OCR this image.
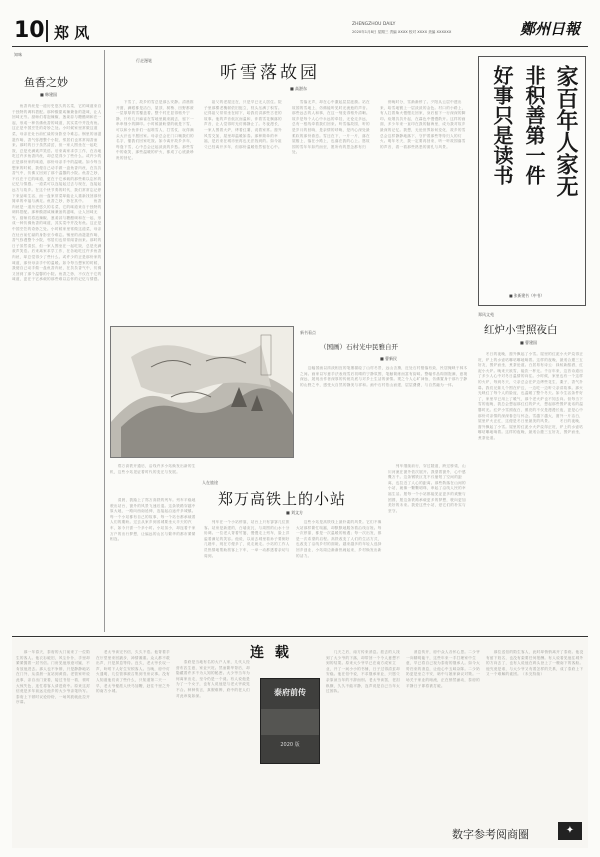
10 郑 风	ZHENGZHOU DAILY
2020年1月8日 星期三 责编 XXXX 校对 XXXX 美编 XXXXXX	鄭州日報
知味
鱼香之妙
■ 韩建国
　　鱼香肉丝是一道历史悠久的名菜，它的味道来自于独特的调料搭配。那种酸甜咸辣兼备的滋味，让人回味无穷。厨师们将泡辣椒、葱姜蒜与糖醋调和在一起，形成一种仿佛鱼香的味道，其实菜中并没有鱼。这正是中国烹饪的奇妙之处。小时候家里常做这道菜，母亲在灶台前忙碌的身影至今难忘。锅里的油滋滋作响，香气弥漫整个小院，邻居们也常常闻香而来。那时的日子虽然清贫，但一家人围坐在一起吃饭，总是充满欢声笑语。后来离家求学工作，在各地吃过许多鱼香肉丝，却总觉得少了些什么。或许少的正是那份家的味道，那份母亲手中的温暖。如今每当想家的时候，我便自己动手做一盘鱼香肉丝，在袅袅香气中，仿佛又回到了那个温馨的小院。鱼香之妙，不仅在于它的味道，更在于它承载的那些难以忘怀的记忆与情感。一道菜可以连接起过去与现在，连接起远方与故乡。在这个快节奏的时代，我们常常忘记停下来品味生活，而一盘家常菜却能让人重新找回那份简单的幸福与满足。鱼香之妙，妙在其中。　　鱼香肉丝是一道历史悠久的名菜，它的味道来自于独特的调料搭配。那种酸甜咸辣兼备的滋味，让人回味无穷。厨师们将泡辣椒、葱姜蒜与糖醋调和在一起，形成一种仿佛鱼香的味道，其实菜中并没有鱼。这正是中国烹饪的奇妙之处。小时候家里常做这道菜，母亲在灶台前忙碌的身影至今难忘。锅里的油滋滋作响，香气弥漫整个小院，邻居们也常常闻香而来。那时的日子虽然清贫，但一家人围坐在一起吃饭，总是充满欢声笑语。后来离家求学工作，在各地吃过许多鱼香肉丝，却总觉得少了些什么。或许少的正是那份家的味道，那份母亲手中的温暖。如今每当想家的时候，我便自己动手做一盘鱼香肉丝，在袅袅香气中，仿佛又回到了那个温馨的小院。鱼香之妙，不仅在于它的味道，更在于它承载的那些难以忘怀的记忆与情感。
行走漫笔
听雪落故园
■ 高湛东
　　下雪了，故乡的雪总是那么安静。清晨推开窗，满眼都是洁白，屋顶、树梢、田野都被一层厚厚的雪覆盖着。整个村庄显得格外宁静，只有几只麻雀在雪地里跳来跳去，留下一串串细小的脚印。小时候最盼望的就是下雪，可以和小伙伴们一起堆雪人、打雪仗，玩得满头大汗也不愿回家。母亲总会在门口喊我们的名字，催我们回家吃饭。如今离开故乡多年，每逢下雪，心中总会泛起淡淡的乡愁。那些雪中的欢笑，那些温暖的炉火，都成了心底最珍贵的回忆。
　　祖父的老屋还在，只是早已无人居住。院子里那棵老槐树依旧挺立，枝头压满了积雪。记得祖父常常坐在树下，给我们讲那些古老的故事。他的声音低沉而温和，伴着雪花飘落的声音，让人觉得时光仿佛静止了。冬夜漫长，一家人围着火炉，烤着红薯，说着家常。窗外风雪交加，屋里却温暖如春。那种简单的幸福，是后来在城市里再也无法找到的。如今祖父已经离开多年，但那份温暖依然留在心中。
　　雪落无声，却在心中激起层层涟漪。站在故园的雪地上，仿佛能听见时光流逝的声音。那些远去的人和事，在这一刻变得格外清晰。故乡是每个人心中永远的牵挂，无论走多远，总有一根线牵着我们回来。听雪落故园，听的是岁月的回响，是亲情的呼唤，是内心深处最柔软的那份眷恋。雪还在下，一片一片，落在屋檐上，落在小路上，也落在我的心上。愿故园的雪年年如约而至，愿所有的思念都有归处。
　　傍晚时分，雪渐渐停了。夕阳从云层中透出来，给雪地镀上一层淡淡的金色。村口的小路上，有人扛着柴火慢慢走回家，身后留下一行深深的脚印。炊烟袅袅升起，在暮色中慢慢散开。这样的画面，多少年来一直印在我的脑海里，成为我对故乡最深的记忆。我想，无论世界如何变化，故乡的雪总会这样静静地落下，守护着那些等待归人的灯火。明年冬天，我一定要再回来，听一听故园落雪的声音，看一看那些熟悉的面孔与风景。	家百年人家无
非积善第一件
好事只是读书
■ 张新建书（中书）
郑风文苑
红炉小雪照夜白
■ 曹建国
　　冬日的夜晚，窗外飘起了小雪。屋里的红泥小火炉烧得正旺，炉上的水壶咕嘟咕嘟地响着。这样的夜晚，最适合邀三五好友，围炉而坐，煮茶论道。白居易有诗云：绿蚁新醅酒，红泥小火炉。晚来天欲雪，能饮一杯无。千百年来，这首诗道出了多少人心中对冬日温情的向往。小时候，家里也有一个这样的火炉，每到冬天，父亲总会在炉边烤些花生、栗子，香气扑鼻。我们兄妹几个围在炉边，一边吃一边听父亲讲故事。那火光映红了每个人的脸庞，也温暖了整个冬天。如今生活条件好了，家里早已用上了暖气，那个老火炉也不知去向。但每当下雪的夜晚，我总会想起那红红的炉火，想起那些围炉夜话的温馨时光。红炉小雪照夜白，照亮的不仅是漫漫长夜，更是心中那份对亲情的深深眷恋与怀念。雪越下越大，窗外一片洁白，屋里炉火正红，这便是冬日里最美的风景。　　冬日的夜晚，窗外飘起了小雪。屋里的红泥小火炉烧得正旺，炉上的水壶咕嘟咕嘟地响着。这样的夜晚，最适合邀三五好友，围炉而坐，煮茶论道。
新书看点
（国画）石村光中民雅自开
■ 曹新民
　　这幅国画以浓淡相宜的笔墨描绘了山村冬景，远山含黛，近处石村错落有致，民居掩映于林木之间。画家以写意手法表现雪后初晴的宁静氛围，笔触简练而富有韵味。整幅作品构图饱满，意境深远，展现出作者深厚的传统功底与对乡土生活的深情。观之令人心旷神怡，仿佛置身于那片宁静的山野之中，感受大自然的静美与祥和。画中石村依山而建，层层叠叠，与自然融为一体。
　　郑万高铁开通后，沿线许多小站焕发出新的生机，这些小站见证着时代的变迁与发展。
人在旅途
郑万高铁上的小站
■ 刘文方
　　清晨，我踏上了郑万高铁的列车。列车平稳地驶出站台，窗外的风景飞速后退。这条铁路穿越中原大地，一路向西南延伸，连接起沿途许多城镇。每一个小站都有自己的故事，每一个站台都承载着人们的期盼。过去从家乡到省城要坐大半天的汽车，如今只需一个多小时。小站虽小，却连着千家万户的出行梦想，让偏远的山区与繁华的都市紧紧相连。
　　列车在一个小站停靠，站台上只有寥寥几位旅客。站房是新建的，白墙灰瓦，与周围的山水十分协调。一位老人背着竹篓，慢慢走上列车，脸上洋溢着满足的笑容。他说，以前去城里看孙子要倒好几趟车，现在方便多了，说走就走。小站的工作人员热情地帮助旅客上下车，一举一动都透着亲切与周到。
　　这些小站是高铁线上最朴素的风景。它们不像大站那样繁忙喧嚣，却默默地服务着沿线百姓。每一次停靠，都是一次温暖的相遇；每一次出发，都是一次希望的启程。高铁改变了人们的生活方式，也改变了沿线乡村的面貌。越来越多的年轻人选择回乡创业，小站周边渐渐热闹起来，乡村焕发出新的活力。
　　列车继续前行，穿过隧道，跨过桥梁，山川河流在窗外依次展开。我望着窗外，心中感慨万千。这条钢铁巨龙不仅缩短了空间的距离，也拉近了人心的距离。那些散落在山间的小站，就像一颗颗明珠，串起了沿线人民的幸福生活。愿每一个小站都能见证更多的欢聚与团圆，愿这条铁路承载更多的梦想，驶向更加美好的未来。我爱这些小站，爱它们的朴实与坚守。
连 载
　　那一年春天，泰府的大门前来了一位陌生的客人。他衣衫破旧，风尘仆仆，手里却紧紧握着一封书信。门房见他形迹可疑，不肯放他进去。那人也不争辩，只是静静地站在门外，从清晨一直站到黄昏。老管家听说此事，亲自出门查看，接过书信一看，顿时大惊失色，连忙将客人请进府中。原来这封信竟是多年前远走他乡的大少爷亲笔所写。泰府上下顿时议论纷纷，一场风波就此拉开序幕。
　　老太爷读完书信，久久不语。他背着手在厅堂里来回踱步，神情凝重。众人都不敢出声，只是屏息等待。良久，老太爷长叹一声，吩咐下人好生安顿客人。当晚，府中灯火通明，几位管事被召集到书房议事。没有人知道他们谈了些什么，只知道第二天一早，老太爷便派人快马加鞭，赶往千里之外的南方小城。
　　泰府是当地有名的大户人家，几代人经营布匹生意，家业兴旺。然而繁华背后，却隐藏着许多不为人知的秘密。大少爷当年为何离家出走，至今仍是一个谜。有人说他是为了一个女子，也有人说他是与老太爷政见不合。种种传言，真假难辨，府中的老人们对此讳莫如深。	泰府前传
2020 版
　　几天之后，南方传来消息。派去的人找到了大少爷的下落，却带回一个令人意想不到的结果。原来大少爷早已在南方成家立业，开了一间小小的书铺，日子过得清贫却安稳。他在信中说，不求继承家业，只愿父亲原谅当年的不辞而别。老太爷读罢，老泪纵横，久久不能平静，连声说是自己当年太过固执。
　　消息传开，府中众人各怀心思。二少爷一向精明能干，这些年来一手打理家中生意，早已将自己视为泰府的继承人。如今大哥归来的消息，让他心中五味杂陈。二少奶奶更是坐立不安，暗中与娘家商议对策。一场关于家业的暗流，正在悄然涌动，泰府的平静日子即将被打破。
　　那位送信的陌生客人，此时却悄悄离开了泰府。他没有留下姓名，也没有索要任何报酬。有人说看见他往城外的方向去了，也有人说他在码头登上了一艘南下的客船。他究竟是谁，与大少爷又有着怎样的关系，成了泰府上下又一个难解的谜团。（未完待续）
数字参考阅商圈	✦
